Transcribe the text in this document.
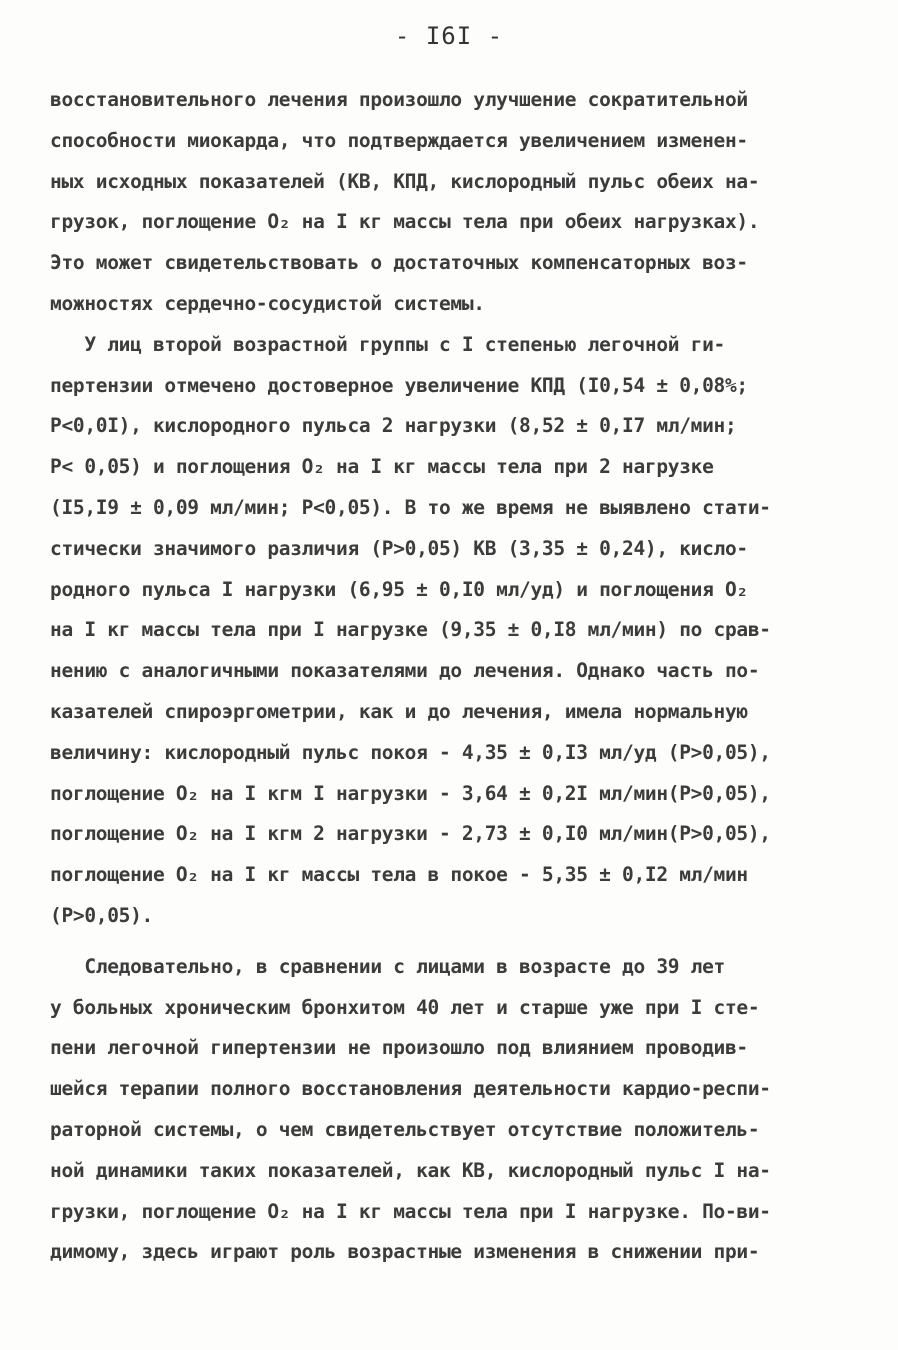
- I6I -
восстановительного лечения произошло улучшение сократительной
способности миокарда, что подтверждается увеличением изменен-
ных исходных показателей (КВ, КПД, кислородный пульс обеих на-
грузок, поглощение O₂ на I кг массы тела при обеих нагрузках).
Это может свидетельствовать о достаточных компенсаторных воз-
можностях сердечно-сосудистой системы.
У лиц второй возрастной группы с I степенью легочной ги-
пертензии отмечено достоверное увеличение КПД (I0,54 ± 0,08%;
P<0,0I), кислородного пульса 2 нагрузки (8,52 ± 0,I7 мл/мин;
P< 0,05) и поглощения O₂ на I кг массы тела при 2 нагрузке
(I5,I9 ± 0,09 мл/мин; P<0,05). В то же время не выявлено стати-
стически значимого различия (P>0,05) КВ (3,35 ± 0,24), кисло-
родного пульса I нагрузки (6,95 ± 0,I0 мл/уд) и поглощения O₂
на I кг массы тела при I нагрузке (9,35 ± 0,I8 мл/мин) по срав-
нению с аналогичными показателями до лечения. Однако часть по-
казателей спироэргометрии, как и до лечения, имела нормальную
величину: кислородный пульс покоя - 4,35 ± 0,I3 мл/уд (P>0,05),
поглощение O₂ на I кгм I нагрузки - 3,64 ± 0,2I мл/мин(P>0,05),
поглощение O₂ на I кгм 2 нагрузки - 2,73 ± 0,I0 мл/мин(P>0,05),
поглощение O₂ на I кг массы тела в покое - 5,35 ± 0,I2 мл/мин
(P>0,05).
Следовательно, в сравнении с лицами в возрасте до 39 лет
у больных хроническим бронхитом 40 лет и старше уже при I сте-
пени легочной гипертензии не произошло под влиянием проводив-
шейся терапии полного восстановления деятельности кардио-респи-
раторной системы, о чем свидетельствует отсутствие положитель-
ной динамики таких показателей, как КВ, кислородный пульс I на-
грузки, поглощение O₂ на I кг массы тела при I нагрузке. По-ви-
димому, здесь играют роль возрастные изменения в снижении при-
